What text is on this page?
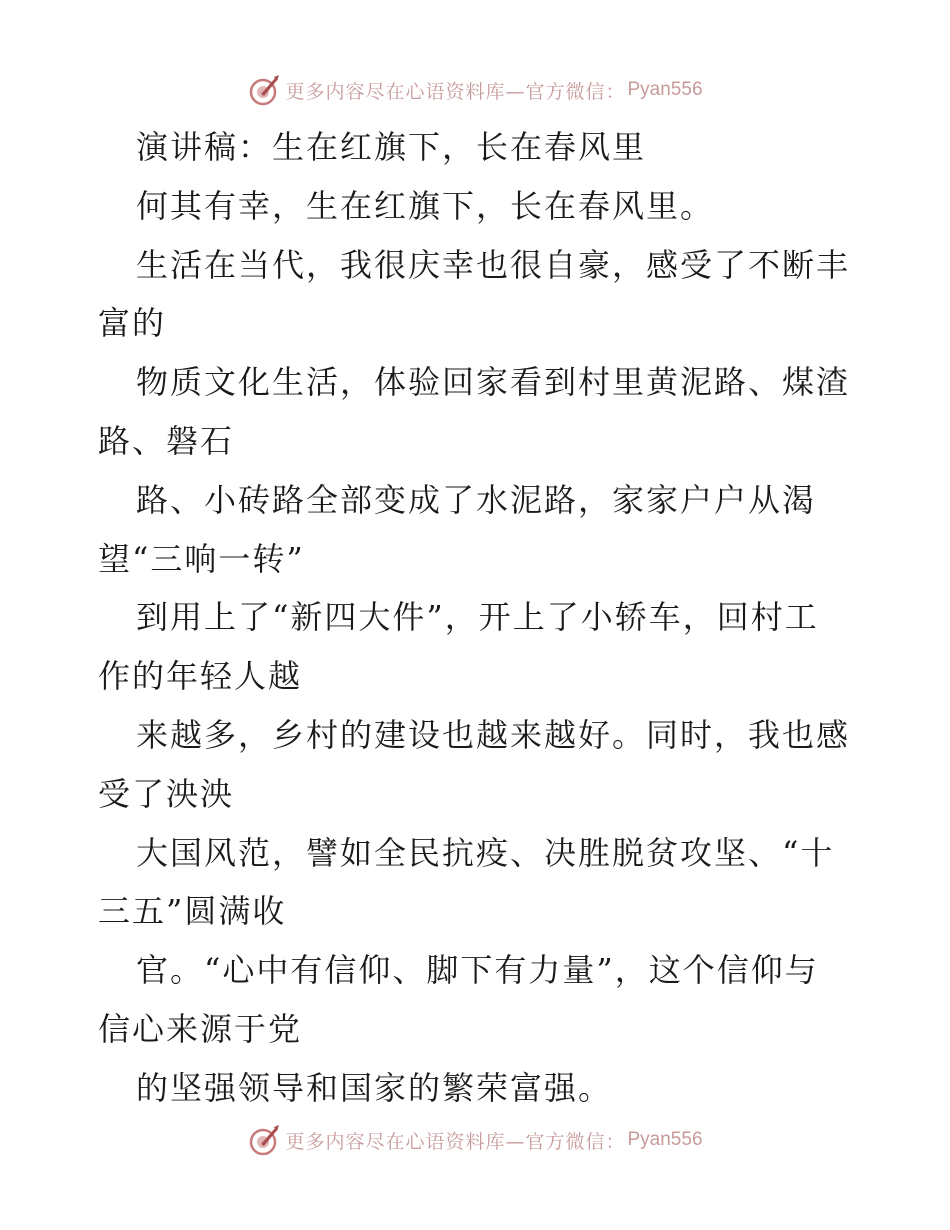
更多内容尽在心语资料库—官方微信： Pyan556
演讲稿：生在红旗下，长在春风里
何其有幸，生在红旗下，长在春风里。
生活在当代，我很庆幸也很自豪，感受了不断丰
富的
物质文化生活，体验回家看到村里黄泥路、煤渣
路、磐石
路、小砖路全部变成了水泥路，家家户户从渴
望“三响一转”
到用上了“新四大件”，开上了小轿车，回村工
作的年轻人越
来越多，乡村的建设也越来越好。同时，我也感
受了泱泱
大国风范，譬如全民抗疫、决胜脱贫攻坚、“十
三五”圆满收
官。“心中有信仰、脚下有力量”，这个信仰与
信心来源于党
的坚强领导和国家的繁荣富强。
更多内容尽在心语资料库—官方微信： Pyan556
